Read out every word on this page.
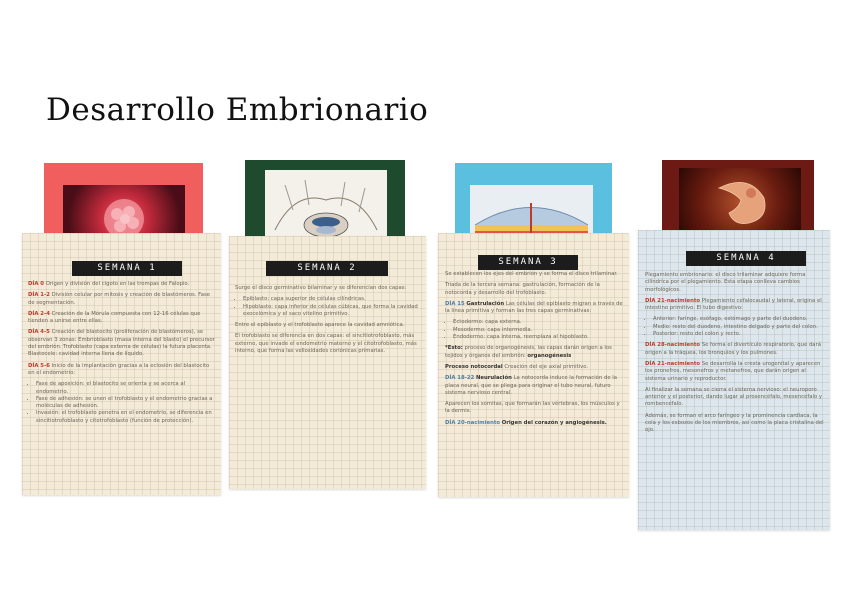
Desarrollo Embrionario
SEMANA 1

DÍA 0 Origen y división del cigoto en las trompas de Falopio.

DÍA 1-2 División celular por mitosis y creación de blastómeros. Fase de segmentación.

DÍA 2-4 Creación de la Mórula compuesta con 12-16 células que tienden a unirse entre ellas.

DÍA 4-5 Creación del blastocito (proliferación de blastómeros), se observan 3 zonas: Embrioblasto (masa interna del blasto) el precursor del embrión. Trofoblasto (capa externa de células) la futura placenta. Blastocele: cavidad interna llena de líquido.

DÍA 5-6 Inicio de la implantación gracias a la eclosión del blastocito en el endometrio:

• Fase de aposición: el blastocito se orienta y se acerca al endometrio.
• Fase de adhesión: se unen el trofoblasto y el endometrio gracias a moléculas de adhesión.
• Invasión: el trofoblasto penetra en el endometrio, se diferencia en sincitiotrofoblasto y citotrofoblasto (función de protección).
SEMANA 2

Surge el disco germinativo bilaminar y se diferencian dos capas:

• Epiblasto: capa superior de células cilíndricas.
• Hipoblasto: capa inferior de células cúbicas, que forma la cavidad exocelómica y el saco vitelino primitivo.

Entre el epiblasto y el trofoblasto aparece la cavidad amniótica.

El trofoblasto se diferencia en dos capas: el sincitiotrofoblasto, más externo, que invade el endometrio materno y el citotrofoblasto, más interno, que forma las vellosidades coriónicas primarias.

SEMANA 3

Se establecen los ejes del embrión y se forma el disco trilaminar.

Triada de la tercera semana: gastrulación, formación de la notocorda y desarrollo del trofoblasto.

DÍA 15 Gastrulación Las células del epiblasto migran a través de la línea primitiva y forman las tres capas germinativas:

• Ectodermo: capa externa.
• Mesodermo: capa intermedia.
• Endodermo: capa interna, reemplaza al hipoblasto.

*Esto: proceso de organogénesis, las capas darán origen a los tejidos y órganos del embrión: organogénesis

Proceso notocordal Creación del eje axial primitivo.

DÍA 18-22 Neurulación La notocorda induce la formación de la placa neural, que se pliega para originar el tubo neural, futuro sistema nervioso central.

Aparecen los somitas, que formarán las vértebras, los músculos y la dermis.

DÍA 20-nacimiento Origen del corazón y angiogénesis.

SEMANA 4

Plegamiento embrionario: el disco trilaminar adquiere forma cilíndrica por el plegamiento. Esta etapa conlleva cambios morfológicos.

DÍA 21-nacimiento Plegamiento cefalocaudal y lateral, origina el intestino primitivo. El tubo digestivo:

• Anterior: faringe, esófago, estómago y parte del duodeno.
• Medio: resto del duodeno, intestino delgado y parte del colon.
• Posterior: resto del colon y recto.

DÍA 28-nacimiento Se forma el divertículo respiratorio, que dará origen a la tráquea, los bronquios y los pulmones.

DÍA 21-nacimiento Se desarrolla la cresta urogenital y aparecen los pronefros, mesonefros y metanefros, que darán origen al sistema urinario y reproductor.

Al finalizar la semana se cierra el sistema nervioso: el neuroporo anterior y el posterior, dando lugar al prosencéfalo, mesencéfalo y rombencéfalo.

Además, se forman el arco faríngeo y la prominencia cardíaca, la cola y los esbozos de los miembros, así como la placa cristalina del ojo.
